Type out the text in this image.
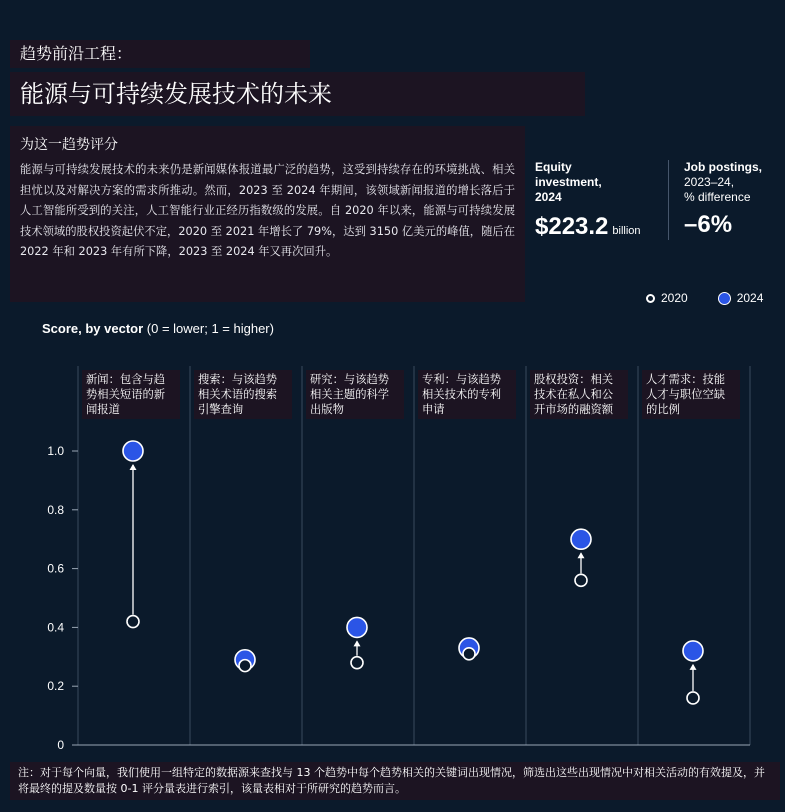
趋势前沿工程：
能源与可持续发展技术的未来
为这一趋势评分

能源与可持续发展技术的未来仍是新闻媒体报道最广泛的趋势，这受到持续存在的环境挑战、相关担忧以及对解决方案的需求所推动。然而，2023 至 2024 年期间，该领域新闻报道的增长落后于人工智能所受到的关注，人工智能行业正经历指数级的发展。自 2020 年以来，能源与可持续发展技术领域的股权投资起伏不定，2020 至 2021 年增长了 79%，达到 3150 亿美元的峰值，随后在 2022 年和 2023 年有所下降，2023 至 2024 年又再次回升。

Equity investment,
2024
$223.2 billion
Job postings,
2023–24,
% difference
–6%
2020	2024
Score, by vector (0 = lower; 1 = higher)
0
0.2
0.4
0.6
0.8
1.0
新闻：包含与趋势相关短语的新闻报道
搜索：与该趋势相关术语的搜索引擎查询
研究：与该趋势相关主题的科学出版物
专利：与该趋势相关技术的专利申请
股权投资：相关技术在私人和公开市场的融资额
人才需求：技能人才与职位空缺的比例
注：对于每个向量，我们使用一组特定的数据源来查找与 13 个趋势中每个趋势相关的关键词出现情况，筛选出这些出现情况中对相关活动的有效提及，并将最终的提及数量按 0-1 评分量表进行索引，该量表相对于所研究的趋势而言。
